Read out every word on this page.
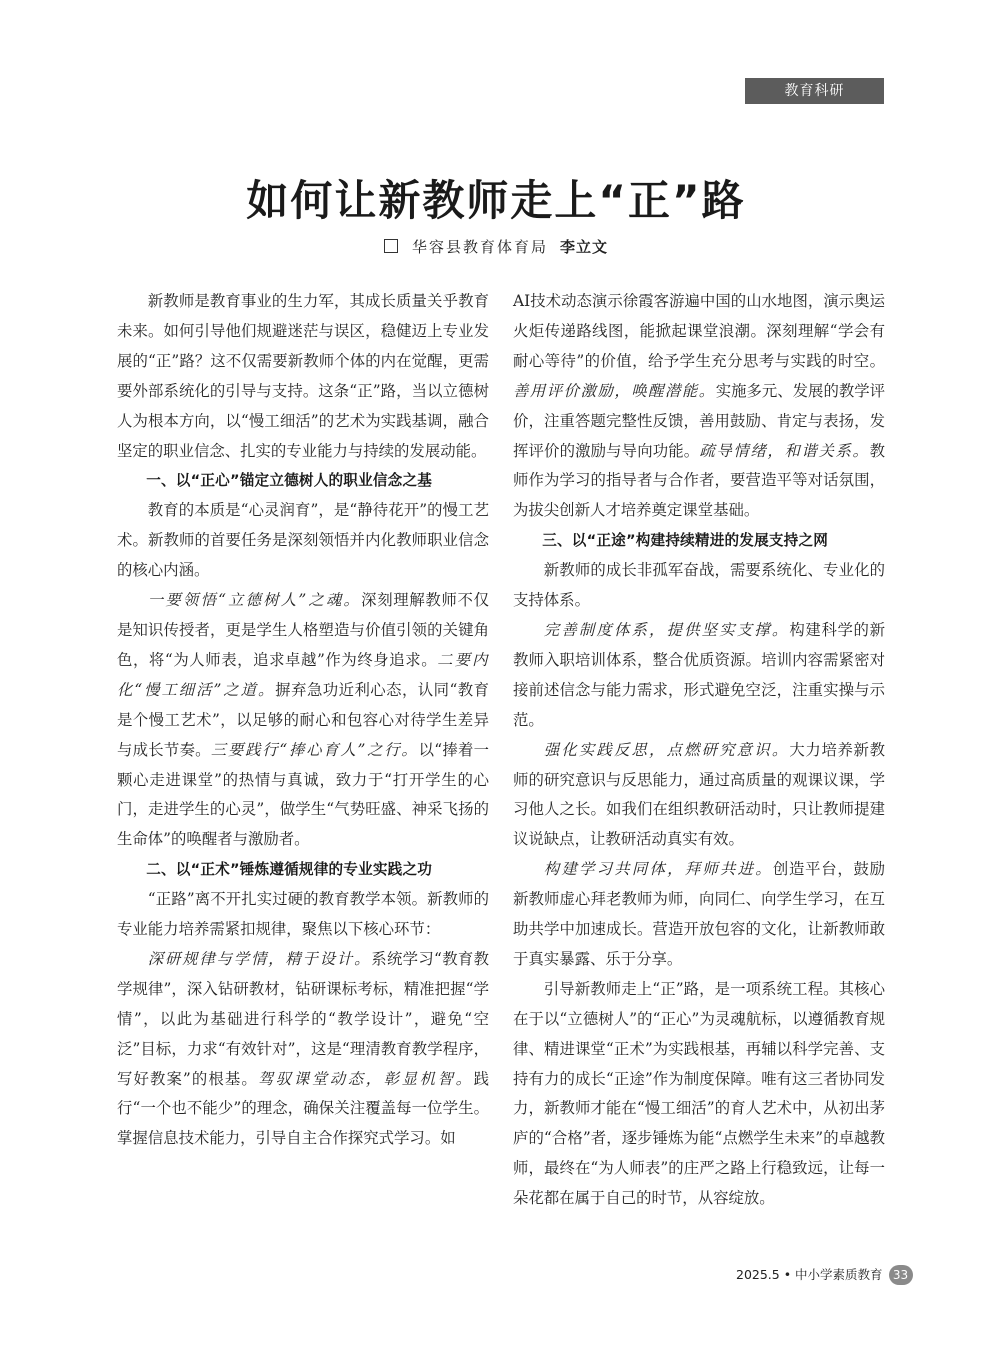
教育科研
如何让新教师走上“正”路
华容县教育体育局 李立文

新教师是教育事业的生力军，其成长质量关乎教育未来。如何引导他们规避迷茫与误区，稳健迈上专业发展的“正”路？这不仅需要新教师个体的内在觉醒，更需要外部系统化的引导与支持。这条“正”路，当以立德树人为根本方向，以“慢工细活”的艺术为实践基调，融合坚定的职业信念、扎实的专业能力与持续的发展动能。

一、以“正心”锚定立德树人的职业信念之基

教育的本质是“心灵润育”，是“静待花开”的慢工艺术。新教师的首要任务是深刻领悟并内化教师职业信念的核心内涵。

一要领悟“立德树人”之魂。深刻理解教师不仅是知识传授者，更是学生人格塑造与价值引领的关键角色，将“为人师表，追求卓越”作为终身追求。二要内化“慢工细活”之道。摒弃急功近利心态，认同“教育是个慢工艺术”，以足够的耐心和包容心对待学生差异与成长节奏。三要践行“捧心育人”之行。以“捧着一颗心走进课堂”的热情与真诚，致力于“打开学生的心门，走进学生的心灵”，做学生“气势旺盛、神采飞扬的生命体”的唤醒者与激励者。

二、以“正术”锤炼遵循规律的专业实践之功

“正路”离不开扎实过硬的教育教学本领。新教师的专业能力培养需紧扣规律，聚焦以下核心环节：

深研规律与学情，精于设计。系统学习“教育教学规律”，深入钻研教材，钻研课标考标，精准把握“学情”，以此为基础进行科学的“教学设计”，避免“空泛”目标，力求“有效针对”，这是“理清教育教学程序，写好教案”的根基。驾驭课堂动态，彰显机智。践行“一个也不能少”的理念，确保关注覆盖每一位学生。掌握信息技术能力，引导自主合作探究式学习。如

AI技术动态演示徐霞客游遍中国的山水地图，演示奥运火炬传递路线图，能掀起课堂浪潮。深刻理解“学会有耐心等待”的价值，给予学生充分思考与实践的时空。善用评价激励，唤醒潜能。实施多元、发展的教学评价，注重答题完整性反馈，善用鼓励、肯定与表扬，发挥评价的激励与导向功能。疏导情绪，和谐关系。教师作为学习的指导者与合作者，要营造平等对话氛围，为拔尖创新人才培养奠定课堂基础。

三、以“正途”构建持续精进的发展支持之网

新教师的成长非孤军奋战，需要系统化、专业化的支持体系。

完善制度体系，提供坚实支撑。构建科学的新教师入职培训体系，整合优质资源。培训内容需紧密对接前述信念与能力需求，形式避免空泛，注重实操与示范。

强化实践反思，点燃研究意识。大力培养新教师的研究意识与反思能力，通过高质量的观课议课，学习他人之长。如我们在组织教研活动时，只让教师提建议说缺点，让教研活动真实有效。

构建学习共同体，拜师共进。创造平台，鼓励新教师虚心拜老教师为师，向同仁、向学生学习，在互助共学中加速成长。营造开放包容的文化，让新教师敢于真实暴露、乐于分享。

引导新教师走上“正”路，是一项系统工程。其核心在于以“立德树人”的“正心”为灵魂航标，以遵循教育规律、精进课堂“正术”为实践根基，再辅以科学完善、支持有力的成长“正途”作为制度保障。唯有这三者协同发力，新教师才能在“慢工细活”的育人艺术中，从初出茅庐的“合格”者，逐步锤炼为能“点燃学生未来”的卓越教师，最终在“为人师表”的庄严之路上行稳致远，让每一朵花都在属于自己的时节，从容绽放。

2025.5 • 中小学素质教育 33
